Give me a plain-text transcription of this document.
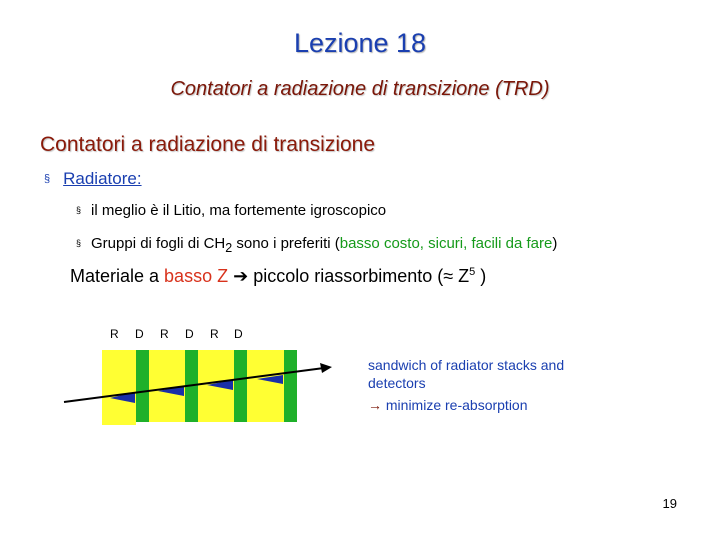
Lezione 18
Contatori a radiazione di transizione (TRD)
Contatori a radiazione di transizione
§ Radiatore:
§ il meglio è il Litio, ma fortemente igroscopico
§ Gruppi di fogli di $CH_2$ sono i preferiti (basso costo, sicuri, facili da fare)
Materiale a basso Z ➔ piccolo riassorbimento (≈ $Z^5$ )
R D R D R D
sandwich of radiator stacks and detectors
→ minimize re-absorption
19
